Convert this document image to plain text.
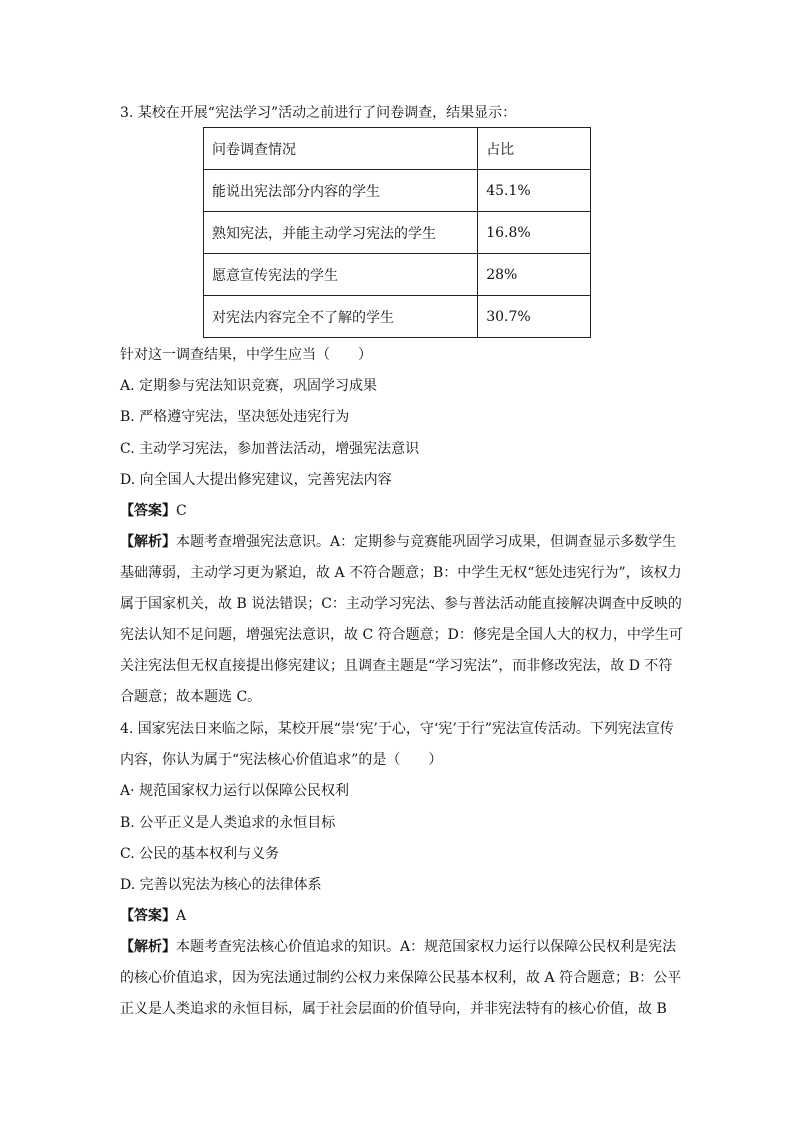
3. 某校在开展“宪法学习”活动之前进行了问卷调查，结果显示：
问卷调查情况	占比
能说出宪法部分内容的学生	45.1%
熟知宪法，并能主动学习宪法的学生	16.8%
愿意宣传宪法的学生	28%
对宪法内容完全不了解的学生	30.7%
针对这一调查结果，中学生应当（　　）
A. 定期参与宪法知识竞赛，巩固学习成果
B. 严格遵守宪法，坚决惩处违宪行为
C. 主动学习宪法，参加普法活动，增强宪法意识
D. 向全国人大提出修宪建议，完善宪法内容
【答案】C
【解析】本题考查增强宪法意识。A：定期参与竞赛能巩固学习成果，但调查显示多数学生
基础薄弱，主动学习更为紧迫，故 A 不符合题意；B：中学生无权“惩处违宪行为”，该权力
属于国家机关，故 B 说法错误；C：主动学习宪法、参与普法活动能直接解决调查中反映的
宪法认知不足问题，增强宪法意识，故 C 符合题意；D：修宪是全国人大的权力，中学生可
关注宪法但无权直接提出修宪建议；且调查主题是“学习宪法”，而非修改宪法，故 D 不符
合题意；故本题选 C。
4. 国家宪法日来临之际，某校开展“崇‘宪’于心，守‘宪’于行”宪法宣传活动。下列宪法宣传
内容，你认为属于“宪法核心价值追求”的是（　　）
A· 规范国家权力运行以保障公民权利
B. 公平正义是人类追求的永恒目标
C. 公民的基本权利与义务
D. 完善以宪法为核心的法律体系
【答案】A
【解析】本题考查宪法核心价值追求的知识。A：规范国家权力运行以保障公民权利是宪法
的核心价值追求，因为宪法通过制约公权力来保障公民基本权利，故 A 符合题意；B：公平
正义是人类追求的永恒目标，属于社会层面的价值导向，并非宪法特有的核心价值，故 B
